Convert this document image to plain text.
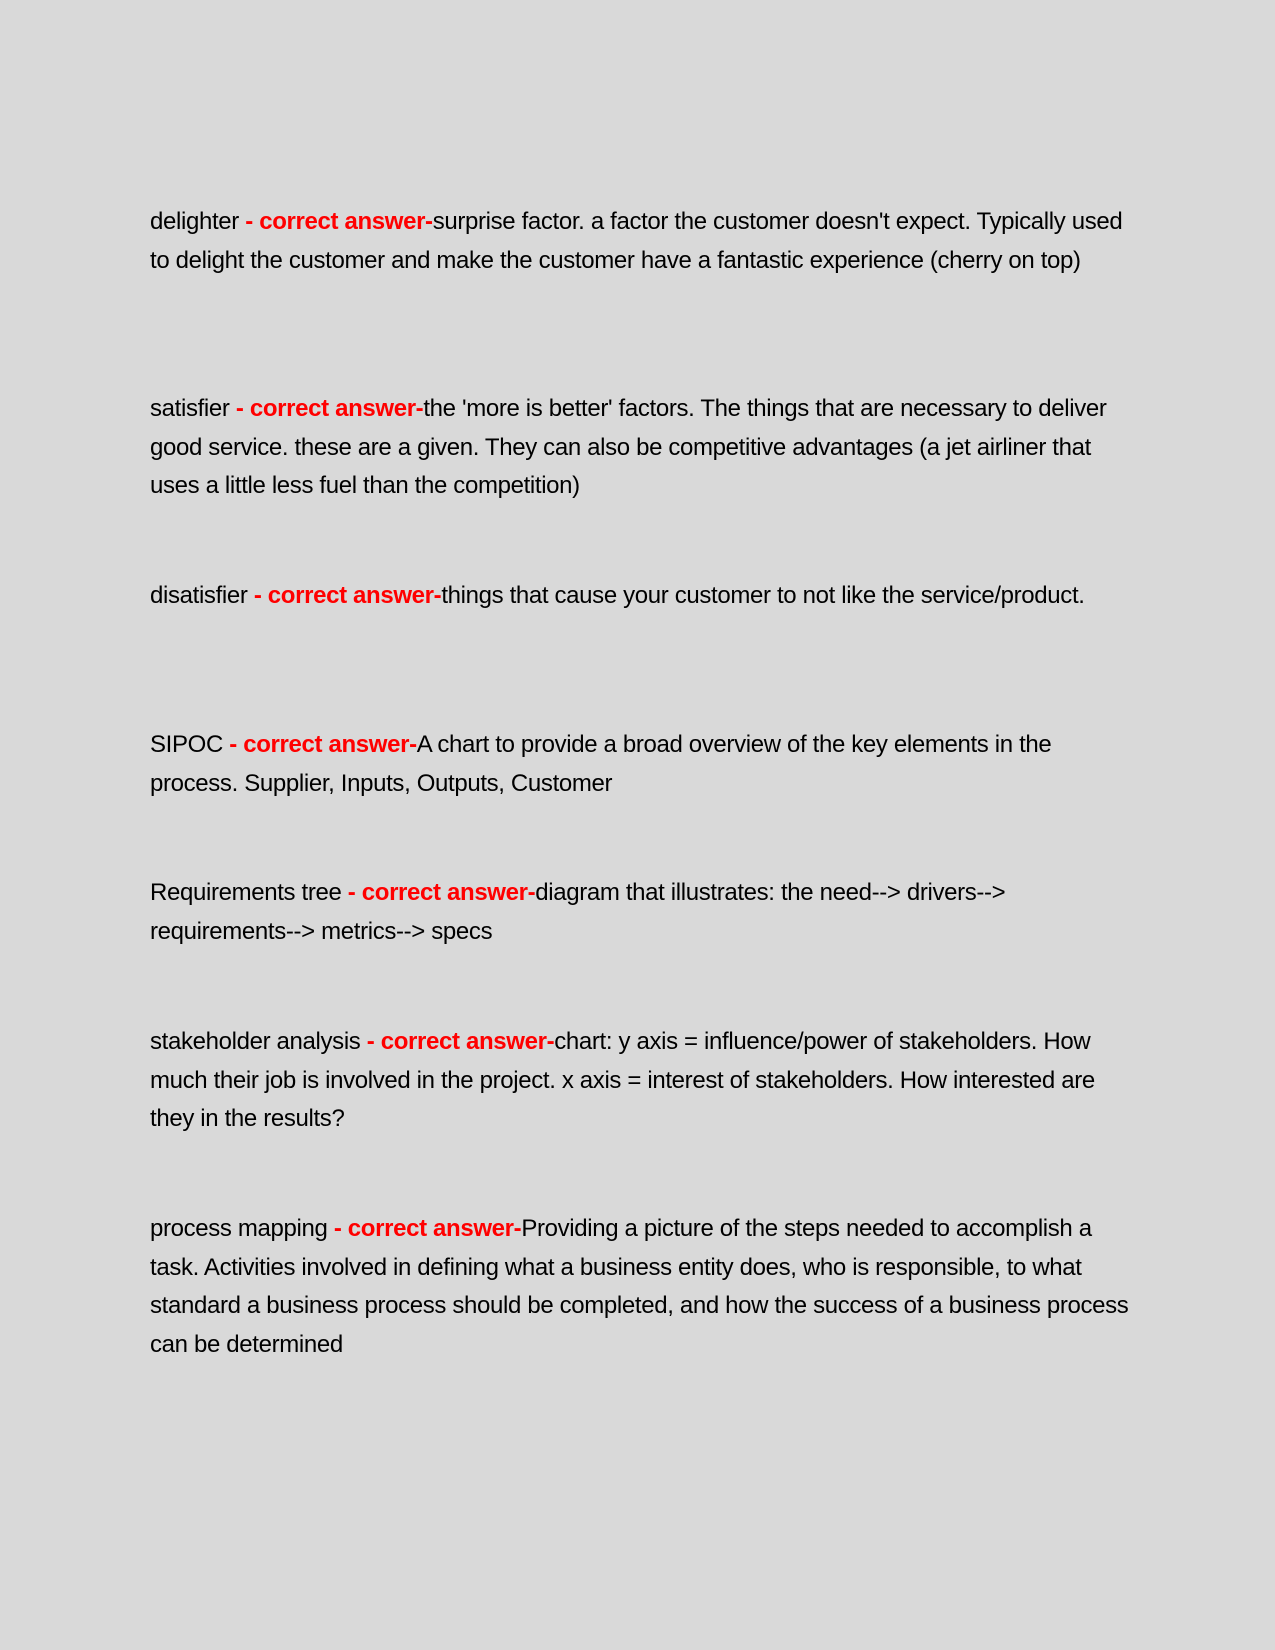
delighter - correct answer-surprise factor. a factor the customer doesn't expect. Typically used to delight the customer and make the customer have a fantastic experience (cherry on top)

satisfier - correct answer-the 'more is better' factors. The things that are necessary to deliver good service. these are a given. They can also be competitive advantages (a jet airliner that uses a little less fuel than the competition)

disatisfier - correct answer-things that cause your customer to not like the service/product.

SIPOC - correct answer-A chart to provide a broad overview of the key elements in the process. Supplier, Inputs, Outputs, Customer

Requirements tree - correct answer-diagram that illustrates: the need--> drivers--> requirements--> metrics--> specs

stakeholder analysis - correct answer-chart: y axis = influence/power of stakeholders. How much their job is involved in the project. x axis = interest of stakeholders. How interested are they in the results?

process mapping - correct answer-Providing a picture of the steps needed to accomplish a task. Activities involved in defining what a business entity does, who is responsible, to what standard a business process should be completed, and how the success of a business process can be determined
